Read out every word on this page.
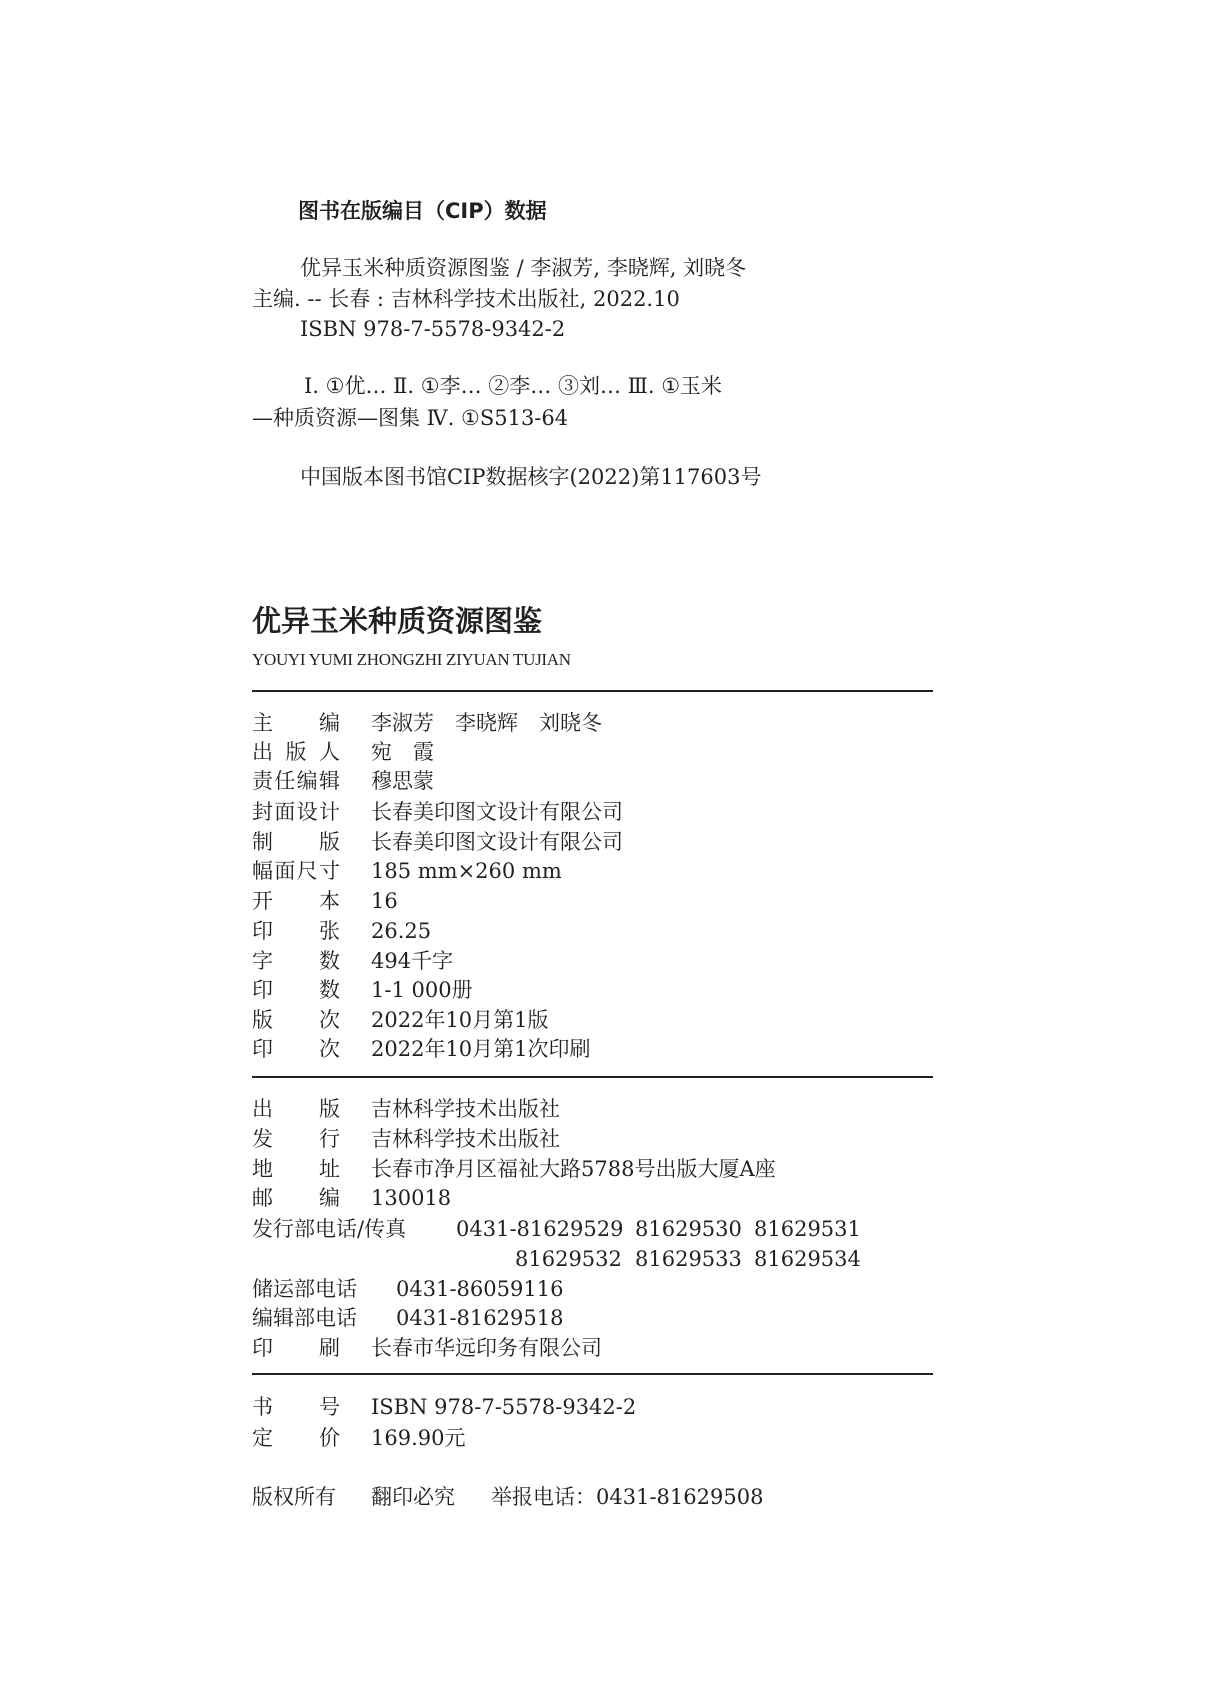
图书在版编目（CIP）数据
优异玉米种质资源图鉴 / 李淑芳, 李晓辉, 刘晓冬
主编. -- 长春 : 吉林科学技术出版社, 2022.10
ISBN 978-7-5578-9342-2
Ⅰ. ①优… Ⅱ. ①李… ②李… ③刘… Ⅲ. ①玉米
—种质资源—图集 Ⅳ. ①S513-64
中国版本图书馆CIP数据核字(2022)第117603号
优异玉米种质资源图鉴
YOUYI YUMI ZHONGZHI ZIYUAN TUJIAN
主编 李淑芳　李晓辉　刘晓冬
出版人 宛　霞
责任编辑 穆思蒙
封面设计 长春美印图文设计有限公司
制版 长春美印图文设计有限公司
幅面尺寸 185 mm×260 mm
开本 16
印张 26.25
字数 494千字
印数 1-1 000册
版次 2022年10月第1版
印次 2022年10月第1次印刷
出版 吉林科学技术出版社
发行 吉林科学技术出版社
地址 长春市净月区福祉大路5788号出版大厦A座
邮编 130018
发行部电话/传真 0431-81629529 81629530 81629531
81629532 81629533 81629534
储运部电话 0431-86059116
编辑部电话 0431-81629518
印刷 长春市华远印务有限公司
书号 ISBN 978-7-5578-9342-2
定价 169.90元
版权所有 翻印必究 举报电话：0431-81629508
